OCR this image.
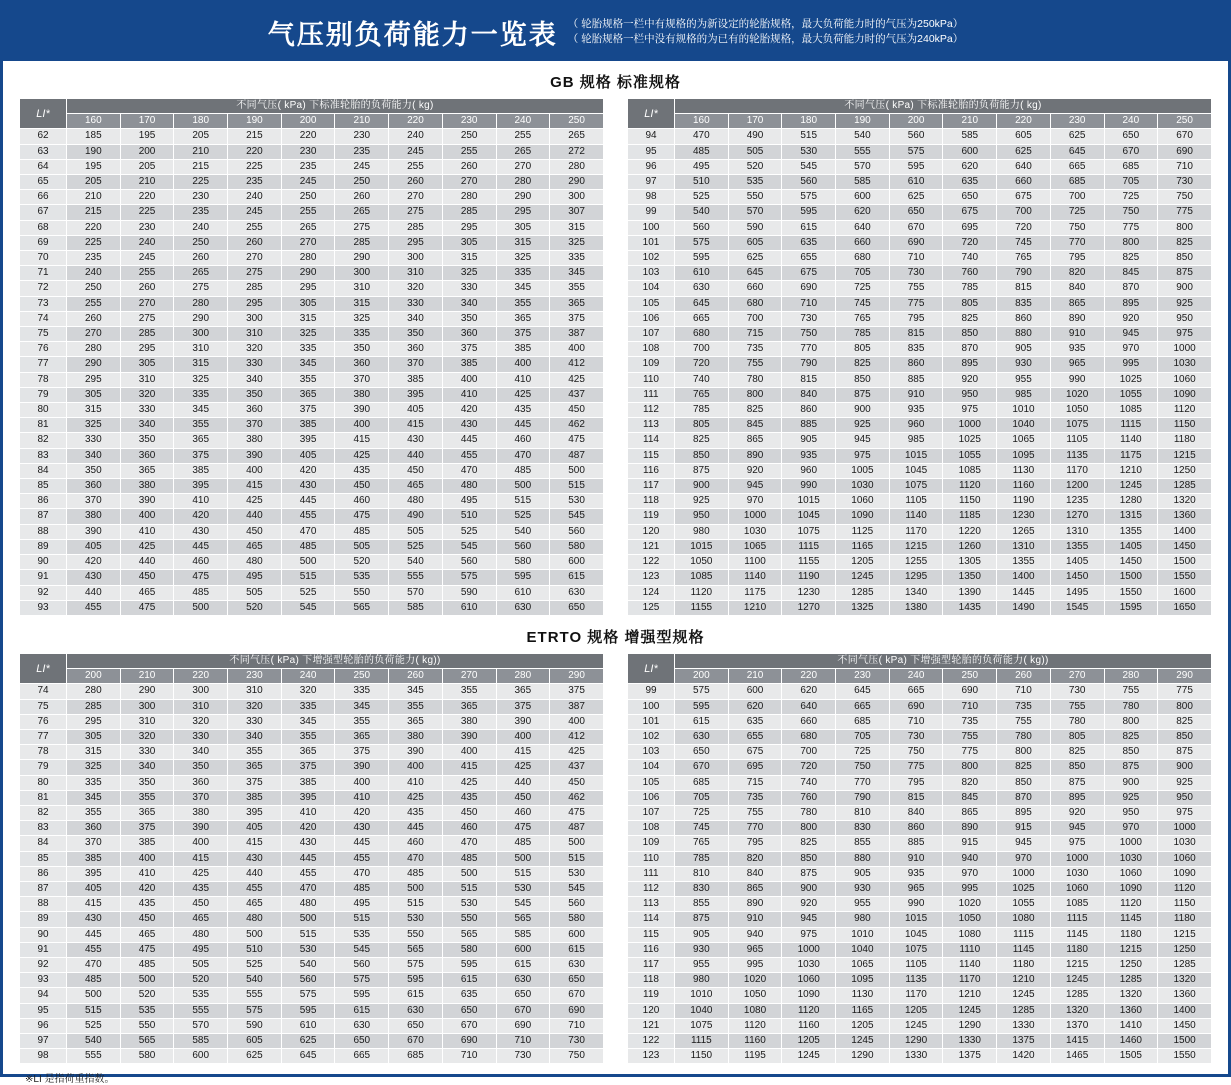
气压别负荷能力一览表 （ 轮胎规格一栏中有规格的为新设定的轮胎规格，最大负荷能力时的气压为250kPa）
（ 轮胎规格一栏中没有规格的为已有的轮胎规格，最大负荷能力时的气压为240kPa）
GB 规格 标准规格
LI*	不同气压( kPa) 下标准轮胎的负荷能力( kg)									
	160	170	180	190	200	210	220	230	240	250
62	185	195	205	215	220	230	240	250	255	265
63	190	200	210	220	230	235	245	255	265	272
64	195	205	215	225	235	245	255	260	270	280
65	205	210	225	235	245	250	260	270	280	290
66	210	220	230	240	250	260	270	280	290	300
67	215	225	235	245	255	265	275	285	295	307
68	220	230	240	255	265	275	285	295	305	315
69	225	240	250	260	270	285	295	305	315	325
70	235	245	260	270	280	290	300	315	325	335
71	240	255	265	275	290	300	310	325	335	345
72	250	260	275	285	295	310	320	330	345	355
73	255	270	280	295	305	315	330	340	355	365
74	260	275	290	300	315	325	340	350	365	375
75	270	285	300	310	325	335	350	360	375	387
76	280	295	310	320	335	350	360	375	385	400
77	290	305	315	330	345	360	370	385	400	412
78	295	310	325	340	355	370	385	400	410	425
79	305	320	335	350	365	380	395	410	425	437
80	315	330	345	360	375	390	405	420	435	450
81	325	340	355	370	385	400	415	430	445	462
82	330	350	365	380	395	415	430	445	460	475
83	340	360	375	390	405	425	440	455	470	487
84	350	365	385	400	420	435	450	470	485	500
85	360	380	395	415	430	450	465	480	500	515
86	370	390	410	425	445	460	480	495	515	530
87	380	400	420	440	455	475	490	510	525	545
88	390	410	430	450	470	485	505	525	540	560
89	405	425	445	465	485	505	525	545	560	580
90	420	440	460	480	500	520	540	560	580	600
91	430	450	475	495	515	535	555	575	595	615
92	440	465	485	505	525	550	570	590	610	630
93	455	475	500	520	545	565	585	610	630	650
LI*	不同气压( kPa) 下标准轮胎的负荷能力( kg)									
	160	170	180	190	200	210	220	230	240	250
94	470	490	515	540	560	585	605	625	650	670
95	485	505	530	555	575	600	625	645	670	690
96	495	520	545	570	595	620	640	665	685	710
97	510	535	560	585	610	635	660	685	705	730
98	525	550	575	600	625	650	675	700	725	750
99	540	570	595	620	650	675	700	725	750	775
100	560	590	615	640	670	695	720	750	775	800
101	575	605	635	660	690	720	745	770	800	825
102	595	625	655	680	710	740	765	795	825	850
103	610	645	675	705	730	760	790	820	845	875
104	630	660	690	725	755	785	815	840	870	900
105	645	680	710	745	775	805	835	865	895	925
106	665	700	730	765	795	825	860	890	920	950
107	680	715	750	785	815	850	880	910	945	975
108	700	735	770	805	835	870	905	935	970	1000
109	720	755	790	825	860	895	930	965	995	1030
110	740	780	815	850	885	920	955	990	1025	1060
111	765	800	840	875	910	950	985	1020	1055	1090
112	785	825	860	900	935	975	1010	1050	1085	1120
113	805	845	885	925	960	1000	1040	1075	1115	1150
114	825	865	905	945	985	1025	1065	1105	1140	1180
115	850	890	935	975	1015	1055	1095	1135	1175	1215
116	875	920	960	1005	1045	1085	1130	1170	1210	1250
117	900	945	990	1030	1075	1120	1160	1200	1245	1285
118	925	970	1015	1060	1105	1150	1190	1235	1280	1320
119	950	1000	1045	1090	1140	1185	1230	1270	1315	1360
120	980	1030	1075	1125	1170	1220	1265	1310	1355	1400
121	1015	1065	1115	1165	1215	1260	1310	1355	1405	1450
122	1050	1100	1155	1205	1255	1305	1355	1405	1450	1500
123	1085	1140	1190	1245	1295	1350	1400	1450	1500	1550
124	1120	1175	1230	1285	1340	1390	1445	1495	1550	1600
125	1155	1210	1270	1325	1380	1435	1490	1545	1595	1650
ETRTO 规格 增强型规格
LI*	不同气压( kPa) 下增强型轮胎的负荷能力( kg))									
	200	210	220	230	240	250	260	270	280	290
74	280	290	300	310	320	335	345	355	365	375
75	285	300	310	320	335	345	355	365	375	387
76	295	310	320	330	345	355	365	380	390	400
77	305	320	330	340	355	365	380	390	400	412
78	315	330	340	355	365	375	390	400	415	425
79	325	340	350	365	375	390	400	415	425	437
80	335	350	360	375	385	400	410	425	440	450
81	345	355	370	385	395	410	425	435	450	462
82	355	365	380	395	410	420	435	450	460	475
83	360	375	390	405	420	430	445	460	475	487
84	370	385	400	415	430	445	460	470	485	500
85	385	400	415	430	445	455	470	485	500	515
86	395	410	425	440	455	470	485	500	515	530
87	405	420	435	455	470	485	500	515	530	545
88	415	435	450	465	480	495	515	530	545	560
89	430	450	465	480	500	515	530	550	565	580
90	445	465	480	500	515	535	550	565	585	600
91	455	475	495	510	530	545	565	580	600	615
92	470	485	505	525	540	560	575	595	615	630
93	485	500	520	540	560	575	595	615	630	650
94	500	520	535	555	575	595	615	635	650	670
95	515	535	555	575	595	615	630	650	670	690
96	525	550	570	590	610	630	650	670	690	710
97	540	565	585	605	625	650	670	690	710	730
98	555	580	600	625	645	665	685	710	730	750
LI*	不同气压( kPa) 下增强型轮胎的负荷能力( kg))									
	200	210	220	230	240	250	260	270	280	290
99	575	600	620	645	665	690	710	730	755	775
100	595	620	640	665	690	710	735	755	780	800
101	615	635	660	685	710	735	755	780	800	825
102	630	655	680	705	730	755	780	805	825	850
103	650	675	700	725	750	775	800	825	850	875
104	670	695	720	750	775	800	825	850	875	900
105	685	715	740	770	795	820	850	875	900	925
106	705	735	760	790	815	845	870	895	925	950
107	725	755	780	810	840	865	895	920	950	975
108	745	770	800	830	860	890	915	945	970	1000
109	765	795	825	855	885	915	945	975	1000	1030
110	785	820	850	880	910	940	970	1000	1030	1060
111	810	840	875	905	935	970	1000	1030	1060	1090
112	830	865	900	930	965	995	1025	1060	1090	1120
113	855	890	920	955	990	1020	1055	1085	1120	1150
114	875	910	945	980	1015	1050	1080	1115	1145	1180
115	905	940	975	1010	1045	1080	1115	1145	1180	1215
116	930	965	1000	1040	1075	1110	1145	1180	1215	1250
117	955	995	1030	1065	1105	1140	1180	1215	1250	1285
118	980	1020	1060	1095	1135	1170	1210	1245	1285	1320
119	1010	1050	1090	1130	1170	1210	1245	1285	1320	1360
120	1040	1080	1120	1165	1205	1245	1285	1320	1360	1400
121	1075	1120	1160	1205	1245	1290	1330	1370	1410	1450
122	1115	1160	1205	1245	1290	1330	1375	1415	1460	1500
123	1150	1195	1245	1290	1330	1375	1420	1465	1505	1550
※LI 是指荷重指数。
